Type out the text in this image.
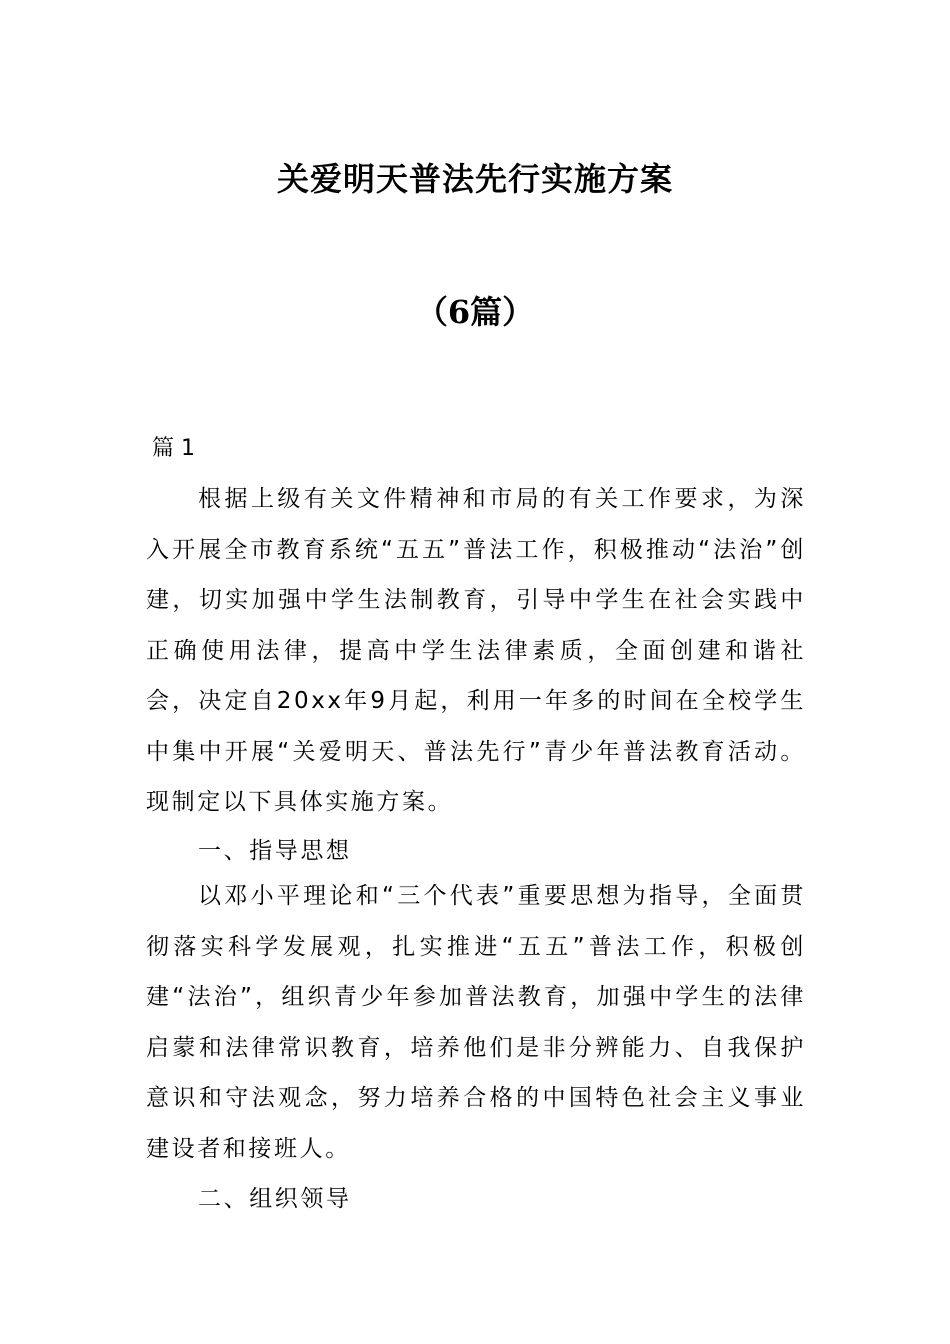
关爱明天普法先行实施方案
（6篇）
篇 1

根据上级有关文件精神和市局的有关工作要求，为深入开展全市教育系统“五五”普法工作，积极推动“法治”创建，切实加强中学生法制教育，引导中学生在社会实践中正确使用法律，提高中学生法律素质，全面创建和谐社会，决定自20xx年9月起，利用一年多的时间在全校学生中集中开展“关爱明天、普法先行”青少年普法教育活动。现制定以下具体实施方案。

一、指导思想

以邓小平理论和“三个代表”重要思想为指导，全面贯彻落实科学发展观，扎实推进“五五”普法工作，积极创建“法治”，组织青少年参加普法教育，加强中学生的法律启蒙和法律常识教育，培养他们是非分辨能力、自我保护意识和守法观念，努力培养合格的中国特色社会主义事业建设者和接班人。

二、组织领导
